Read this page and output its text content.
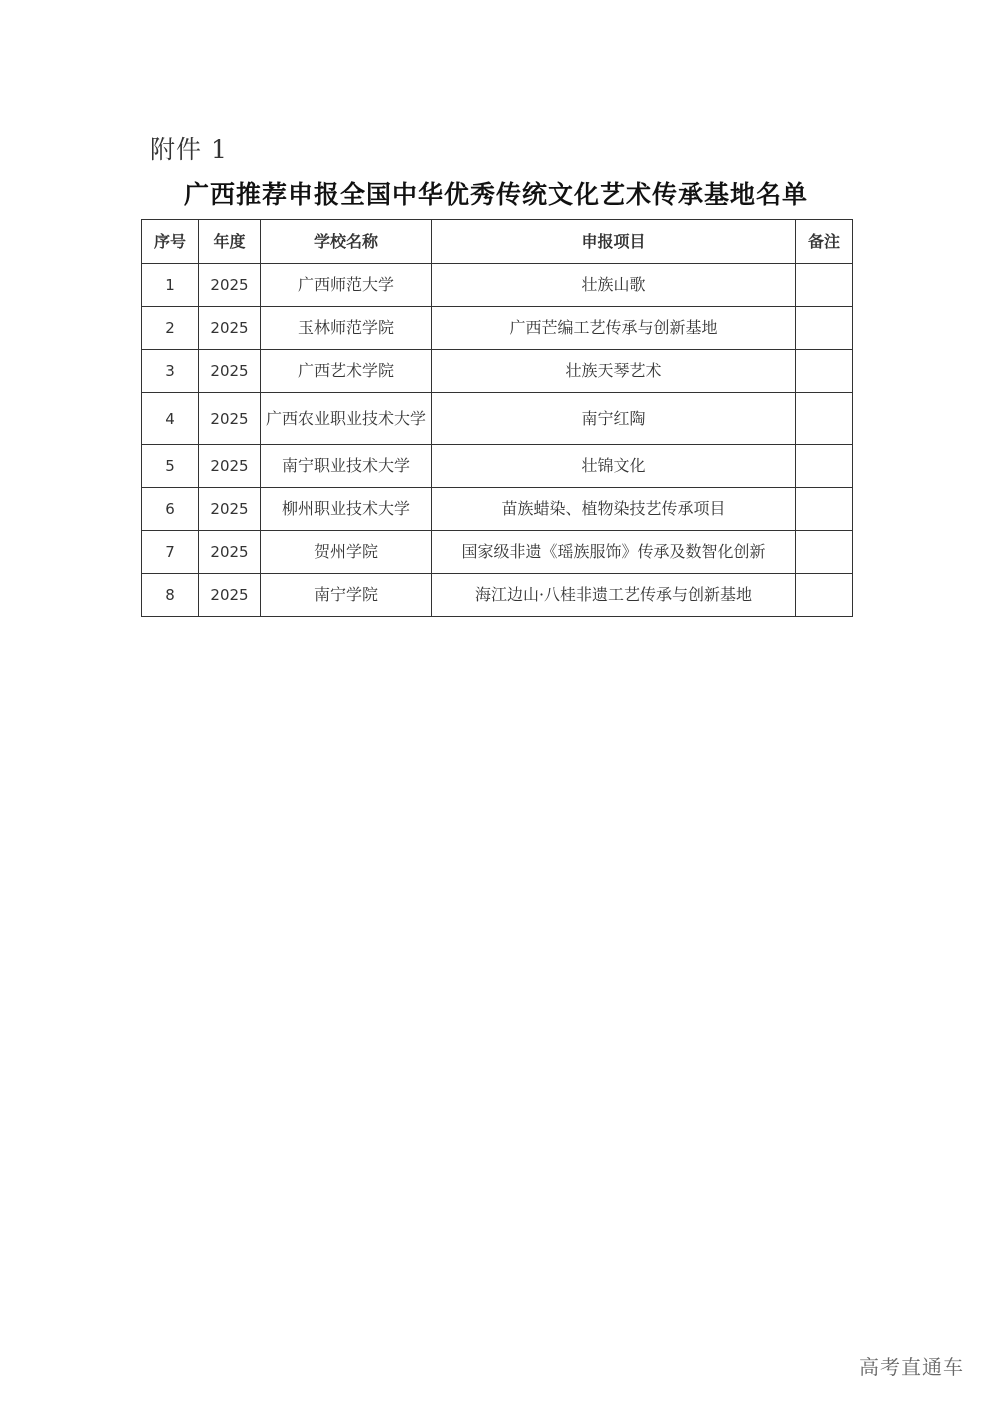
附件 1
广西推荐申报全国中华优秀传统文化艺术传承基地名单
序号	年度	学校名称	申报项目	备注
1	2025	广西师范大学	壮族山歌	
2	2025	玉林师范学院	广西芒编工艺传承与创新基地	
3	2025	广西艺术学院	壮族天琴艺术	
4	2025	广西农业职业技术大学	南宁红陶	
5	2025	南宁职业技术大学	壮锦文化	
6	2025	柳州职业技术大学	苗族蜡染、植物染技艺传承项目	
7	2025	贺州学院	国家级非遗《瑶族服饰》传承及数智化创新	
8	2025	南宁学院	海江边山·八桂非遗工艺传承与创新基地	
高考直通车
